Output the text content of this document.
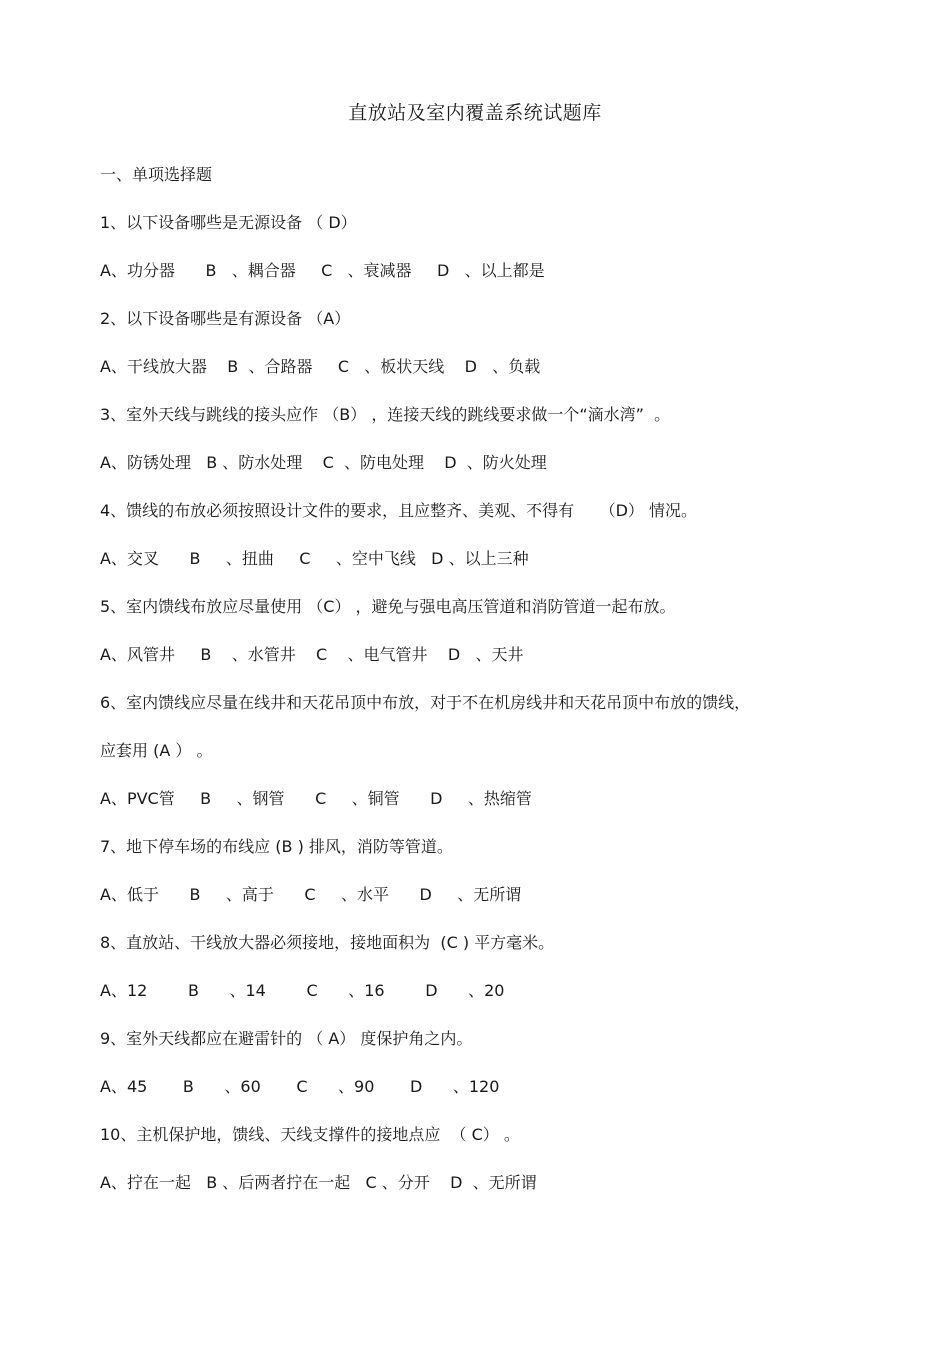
直放站及室内覆盖系统试题库
一、单项选择题
1、以下设备哪些是无源设备 （ D）
A、功分器      B   、耦合器     C   、衰减器     D   、以上都是
2、以下设备哪些是有源设备 （A）
A、干线放大器    B  、合路器     C   、板状天线    D   、负载
3、室外天线与跳线的接头应作 （B） ，连接天线的跳线要求做一个“滴水湾”  。
A、防锈处理   B 、防水处理    C  、防电处理    D  、防火处理
4、馈线的布放必须按照设计文件的要求，且应整齐、美观、不得有     （D） 情况。
A、交叉      B     、扭曲     C     、空中飞线   D 、以上三种
5、室内馈线布放应尽量使用 （C） ，避免与强电高压管道和消防管道一起布放。
A、风管井     B    、水管井    C    、电气管井    D   、天井
6、室内馈线应尽量在线井和天花吊顶中布放，对于不在机房线井和天花吊顶中布放的馈线，
应套用 (A ） 。
A、PVC管     B     、钢管      C     、铜管      D     、热缩管
7、地下停车场的布线应 (B ) 排风，消防等管道。
A、低于      B     、高于      C     、水平      D     、无所谓
8、直放站、干线放大器必须接地，接地面积为  (C ) 平方毫米。
A、12        B      、14        C      、16        D      、20
9、室外天线都应在避雷针的 （ A） 度保护角之内。
A、45       B      、60       C      、90       D      、120
10、主机保护地，馈线、天线支撑件的接地点应  （ C） 。
A、拧在一起   B 、后两者拧在一起   C 、分开    D  、无所谓
